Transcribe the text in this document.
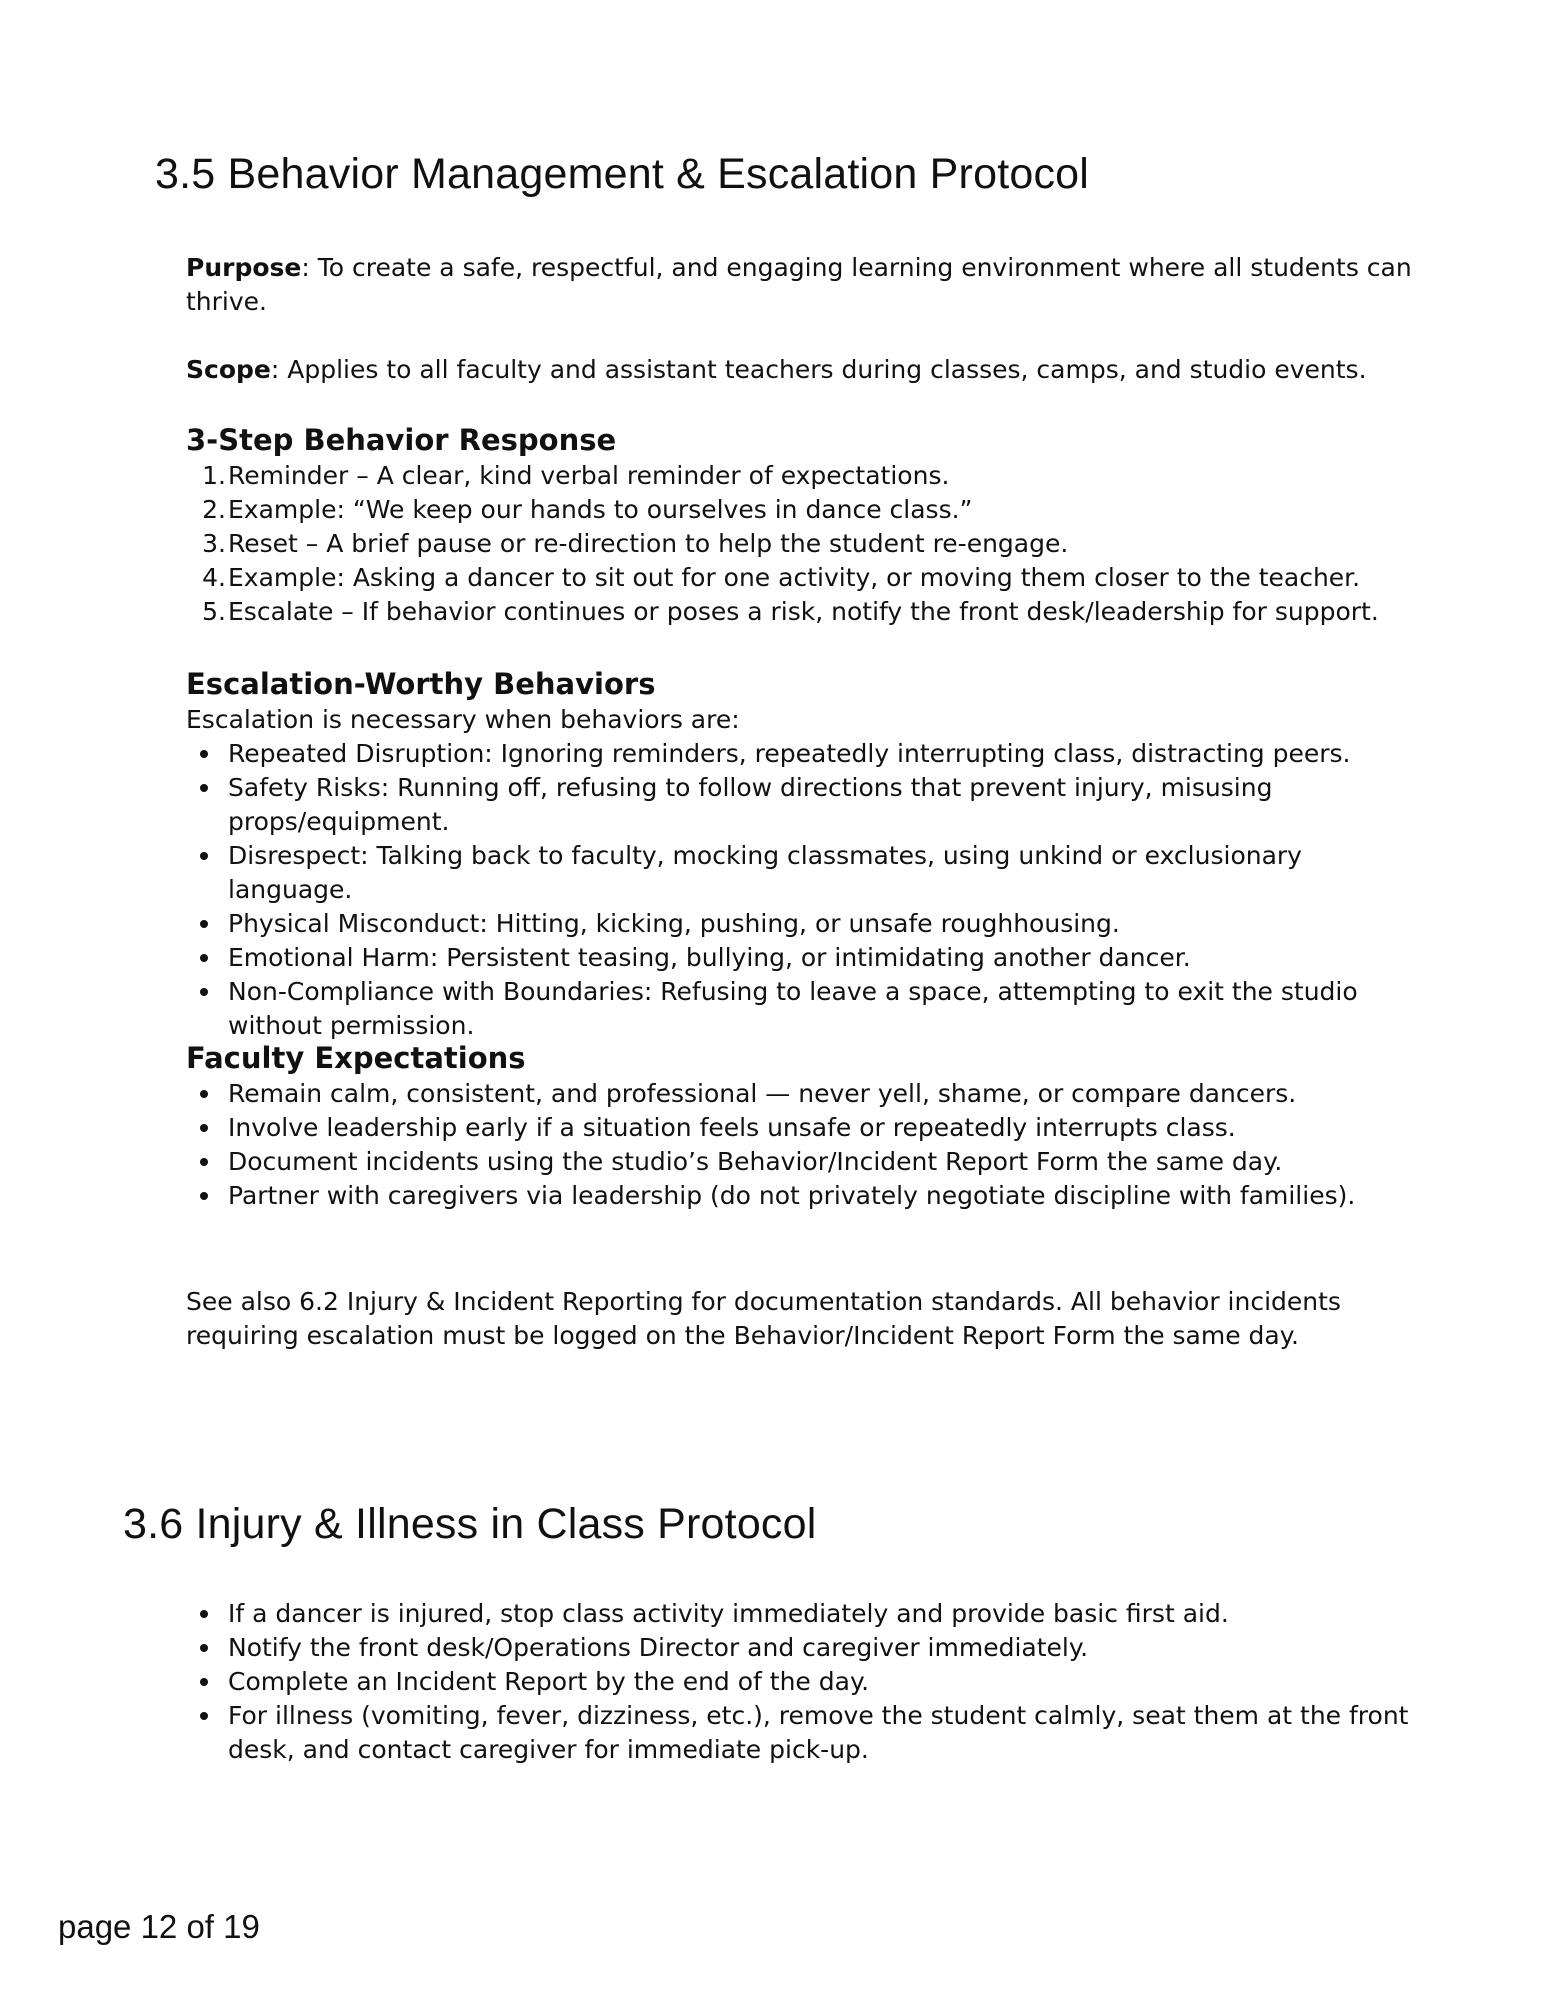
3.5 Behavior Management & Escalation Protocol

Purpose: To create a safe, respectful, and engaging learning environment where all students can thrive.

Scope: Applies to all faculty and assistant teachers during classes, camps, and studio events.

3-Step Behavior Response
1. Reminder – A clear, kind verbal reminder of expectations.
2. Example: “We keep our hands to ourselves in dance class.”
3. Reset – A brief pause or re-direction to help the student re-engage.
4. Example: Asking a dancer to sit out for one activity, or moving them closer to the teacher.
5. Escalate – If behavior continues or poses a risk, notify the front desk/leadership for support.
Escalation-Worthy Behaviors

Escalation is necessary when behaviors are:

Repeated Disruption: Ignoring reminders, repeatedly interrupting class, distracting peers.
Safety Risks: Running off, refusing to follow directions that prevent injury, misusing props/equipment.
Disrespect: Talking back to faculty, mocking classmates, using unkind or exclusionary language.
Physical Misconduct: Hitting, kicking, pushing, or unsafe roughhousing.
Emotional Harm: Persistent teasing, bullying, or intimidating another dancer.
Non-Compliance with Boundaries: Refusing to leave a space, attempting to exit the studio without permission.
Faculty Expectations
Remain calm, consistent, and professional — never yell, shame, or compare dancers.
Involve leadership early if a situation feels unsafe or repeatedly interrupts class.
Document incidents using the studio’s Behavior/Incident Report Form the same day.
Partner with caregivers via leadership (do not privately negotiate discipline with families).

See also 6.2 Injury & Incident Reporting for documentation standards. All behavior incidents requiring escalation must be logged on the Behavior/Incident Report Form the same day.

3.6 Injury & Illness in Class Protocol
If a dancer is injured, stop class activity immediately and provide basic first aid.
Notify the front desk/Operations Director and caregiver immediately.
Complete an Incident Report by the end of the day.
For illness (vomiting, fever, dizziness, etc.), remove the student calmly, seat them at the front desk, and contact caregiver for immediate pick-up.
page 12 of 19
